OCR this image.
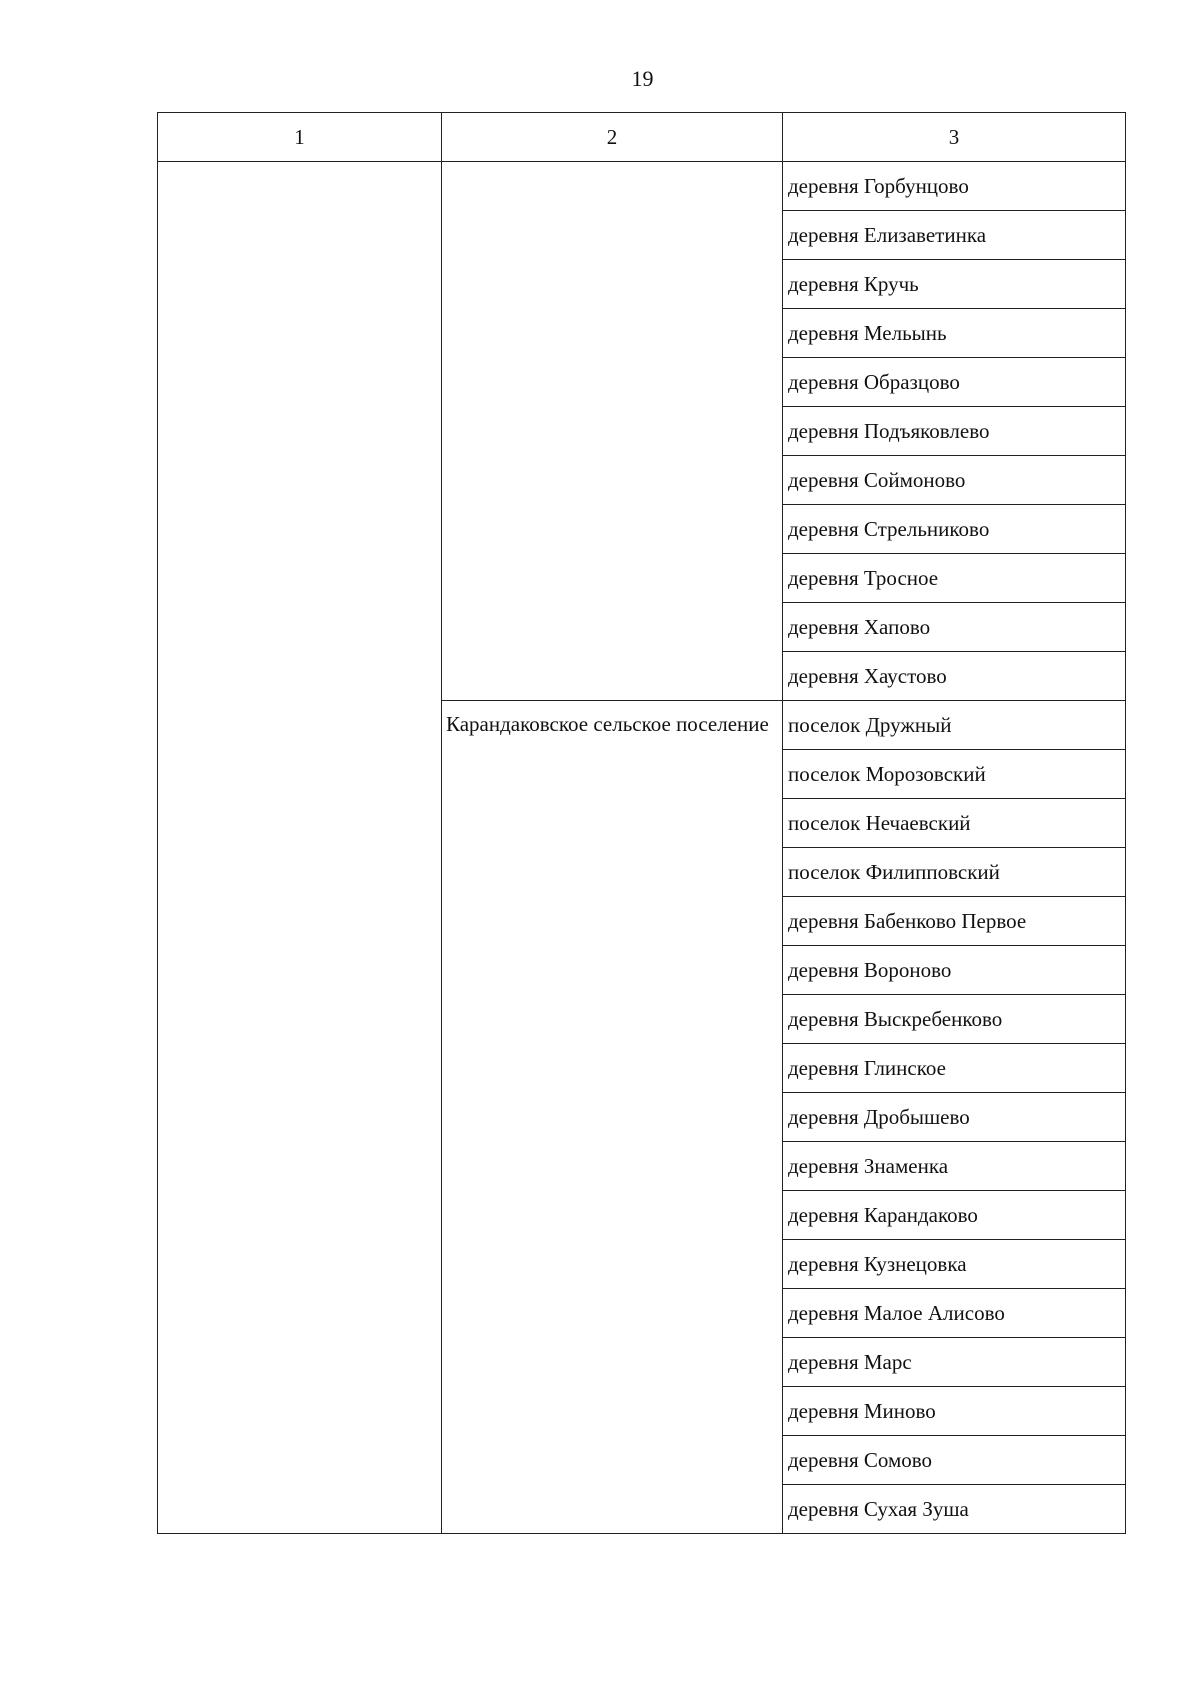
19
1	2	3
		деревня Горбунцово
		деревня Елизаветинка
		деревня Кручь
		деревня Мельынь
		деревня Образцово
		деревня Подъяковлево
		деревня Соймоново
		деревня Стрельниково
		деревня Тросное
		деревня Хапово
		деревня Хаустово
	Карандаковское сельское поселение	поселок Дружный
		поселок Морозовский
		поселок Нечаевский
		поселок Филипповский
		деревня Бабенково Первое
		деревня Вороново
		деревня Выскребенково
		деревня Глинское
		деревня Дробышево
		деревня Знаменка
		деревня Карандаково
		деревня Кузнецовка
		деревня Малое Алисово
		деревня Марс
		деревня Миново
		деревня Сомово
		деревня Сухая Зуша
